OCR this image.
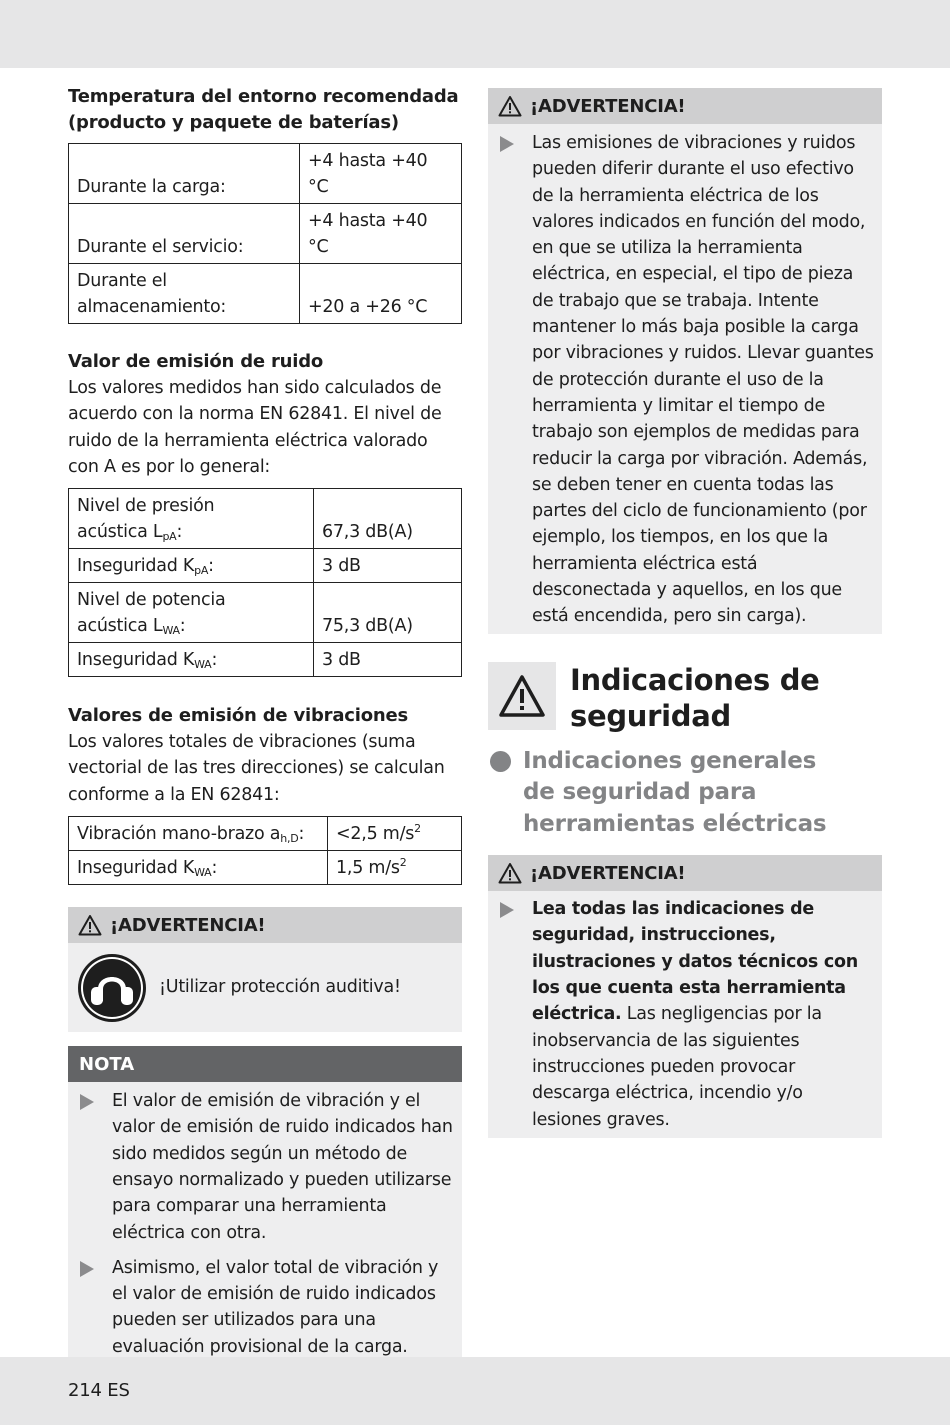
Temperatura del entorno recomendada (producto y paquete de baterías)
Durante la carga:	+4 hasta +40 °C
Durante el servicio:	+4 hasta +40 °C
Durante el almacenamiento:	+20 a +26 °C
Valor de emisión de ruido
Los valores medidos han sido calculados de acuerdo con la norma EN 62841. El nivel de ruido de la herramienta eléctrica valorado con A es por lo general:
Nivel de presión acústica $L_{pA}$:	67,3 dB(A)
Inseguridad $K_{pA}$:	3 dB
Nivel de potencia acústica $L_{WA}$:	75,3 dB(A)
Inseguridad $K_{WA}$:	3 dB
Valores de emisión de vibraciones
Los valores totales de vibraciones (suma vectorial de las tres direcciones) se calculan conforme a la EN 62841:
Vibración mano-brazo $a_{h,D}$:	<2,5 $m/s^2$
Inseguridad $K_{WA}$:	1,5 $m/s^2$
¡ADVERTENCIA!
¡Utilizar protección auditiva!
NOTA
El valor de emisión de vibración y el valor de emisión de ruido indicados han sido medidos según un método de ensayo normalizado y pueden utilizarse para comparar una herramienta eléctrica con otra.
Asimismo, el valor total de vibración y el valor de emisión de ruido indicados pueden ser utilizados para una evaluación provisional de la carga.
¡ADVERTENCIA!
Las emisiones de vibraciones y ruidos pueden diferir durante el uso efectivo de la herramienta eléctrica de los valores indicados en función del modo, en que se utiliza la herramienta eléctrica, en especial, el tipo de pieza de trabajo que se trabaja. Intente mantener lo más baja posible la carga por vibraciones y ruidos. Llevar guantes de protección durante el uso de la herramienta y limitar el tiempo de trabajo son ejemplos de medidas para reducir la carga por vibración. Además, se deben tener en cuenta todas las partes del ciclo de funcionamiento (por ejemplo, los tiempos, en los que la herramienta eléctrica está desconectada y aquellos, en los que está encendida, pero sin carga).
Indicaciones de seguridad
Indicaciones generales de seguridad para herramientas eléctricas
¡ADVERTENCIA!
Lea todas las indicaciones de seguridad, instrucciones, ilustraciones y datos técnicos con los que cuenta esta herramienta eléctrica. Las negligencias por la inobservancia de las siguientes instrucciones pueden provocar descarga eléctrica, incendio y/o lesiones graves.
214 ES
